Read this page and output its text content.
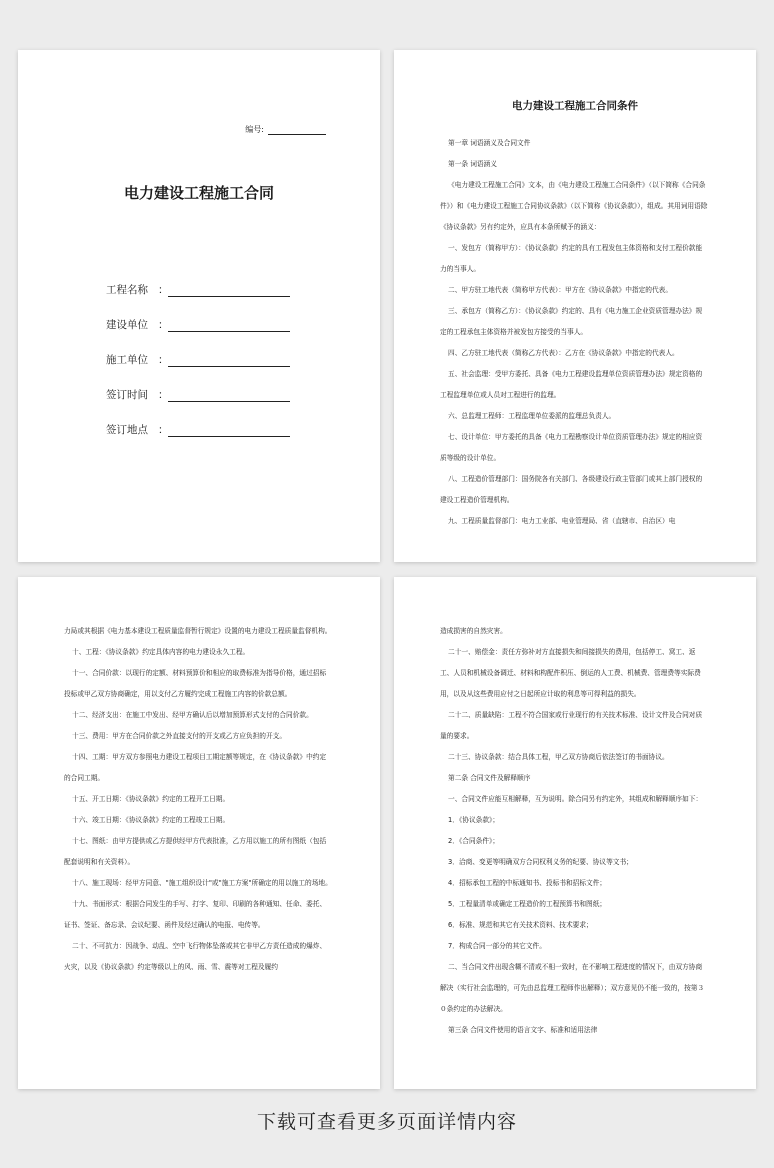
编号:
电力建设工程施工合同
工程名称 ：
建设单位 ：
施工单位 ：
签订时间 ：
签订地点 ：
电力建设工程施工合同条件

第一章 词语涵义及合同文件

第一条 词语涵义

《电力建设工程施工合同》文本，由《电力建设工程施工合同条件》（以下简称《合同条件》）和《电力建设工程施工合同协议条款》（以下简称《协议条款》），组成。其用词用语除《协议条款》另有约定外，应具有本条所赋予的涵义：

一、发包方（简称甲方）：《协议条款》约定的具有工程发包主体资格和支付工程价款能力的当事人。

二、甲方驻工地代表（简称甲方代表）：甲方在《协议条款》中指定的代表。

三、承包方（简称乙方）：《协议条款》约定的、具有《电力施工企业资质管理办法》规定的工程承包主体资格并被发包方接受的当事人。

四、乙方驻工地代表（简称乙方代表）：乙方在《协议条款》中指定的代表人。

五、社会监理：受甲方委托、具备《电力工程建设监理单位资质管理办法》规定资格的工程监理单位或人员对工程进行的监理。

六、总监理工程师：工程监理单位委派的监理总负责人。

七、设计单位：甲方委托的具备《电力工程勘察设计单位资质管理办法》规定的相应资质等级的设计单位。

八、工程造价管理部门：国务院各有关部门、各级建设行政主管部门或其上部门授权的建设工程造价管理机构。

九、工程质量监督部门：电力工业部、电业管理局、省（直辖市、自治区）电

力局或其根据《电力基本建设工程质量监督暂行规定》设置的电力建设工程质量监督机构。

十、工程：《协议条款》约定具体内容的电力建设永久工程。

十一、合同价款：以现行的定额、材料预算价和相应的取费标准为指导价格，通过招标投标或甲乙双方协商确定，用以支付乙方履约完成工程施工内容的价款总额。

十二、经济支出：在施工中发出、经甲方确认后以增加预算形式支付的合同价款。

十三、费用：甲方在合同价款之外直接支付的开支或乙方应负担的开支。

十四、工期：甲方双方参照电力建设工程项目工期定额等规定，在《协议条款》中约定的合同工期。

十五、开工日期：《协议条款》约定的工程开工日期。

十六、竣工日期：《协议条款》约定的工程竣工日期。

十七、图纸：由甲方提供或乙方提供经甲方代表批准，乙方用以施工的所有图纸（包括配套说明和有关资料）。

十八、施工现场：经甲方同意、"施工组织设计"或"施工方案"所确定的用以施工的场地。

十九、书面形式：根据合同发生的手写、打字、复印、印刷的各种通知、任命、委托、证书、签证、备忘录、会议纪要、函件及经过确认的电报、电传等。

二十、不可抗力：因战争、动乱、空中飞行物体坠落或其它非甲乙方责任造成的爆炸、火灾，以及《协议条款》约定等级以上的风、雨、雪、震等对工程及履约

造成损害的自然灾害。

二十一、赔偿金：责任方弥补对方直接损失和间接损失的费用，包括停工、窝工、返工、人员和机械设备调迁、材料和构配件积压、倒运的人工费、机械费、管理费等实际费用，以及从这些费用应付之日起所应计取的利息等可得利益的损失。

二十二、质量缺陷：工程不符合国家或行业现行的有关技术标准、设计文件及合同对质量的要求。

二十三、协议条款：结合具体工程，甲乙双方协商后依法签订的书面协议。

第二条 合同文件及解释顺序

一、合同文件应能互相解释，互为说明。除合同另有约定外，其组成和解释顺序如下：

1．《协议条款》；

2．《合同条件》；

3．洽商、变更等明确双方合同权利义务的纪要、协议等文书；

4．招标承包工程的中标通知书、投标书和招标文件；

5．工程量清单或确定工程造价的工程预算书和图纸；

6．标准、规范和其它有关技术资料、技术要求；

7．构成合同一部分的其它文件。

二、当合同文件出现含糊不清或不相一致时，在不影响工程进度的情况下，由双方协商解决（实行社会监理的，可先由总监理工程师作出解释）；双方意见仍不能一致的，按第３０条约定的办法解决。

第三条 合同文件使用的语言文字、标准和适用法律

下载可查看更多页面详情内容
